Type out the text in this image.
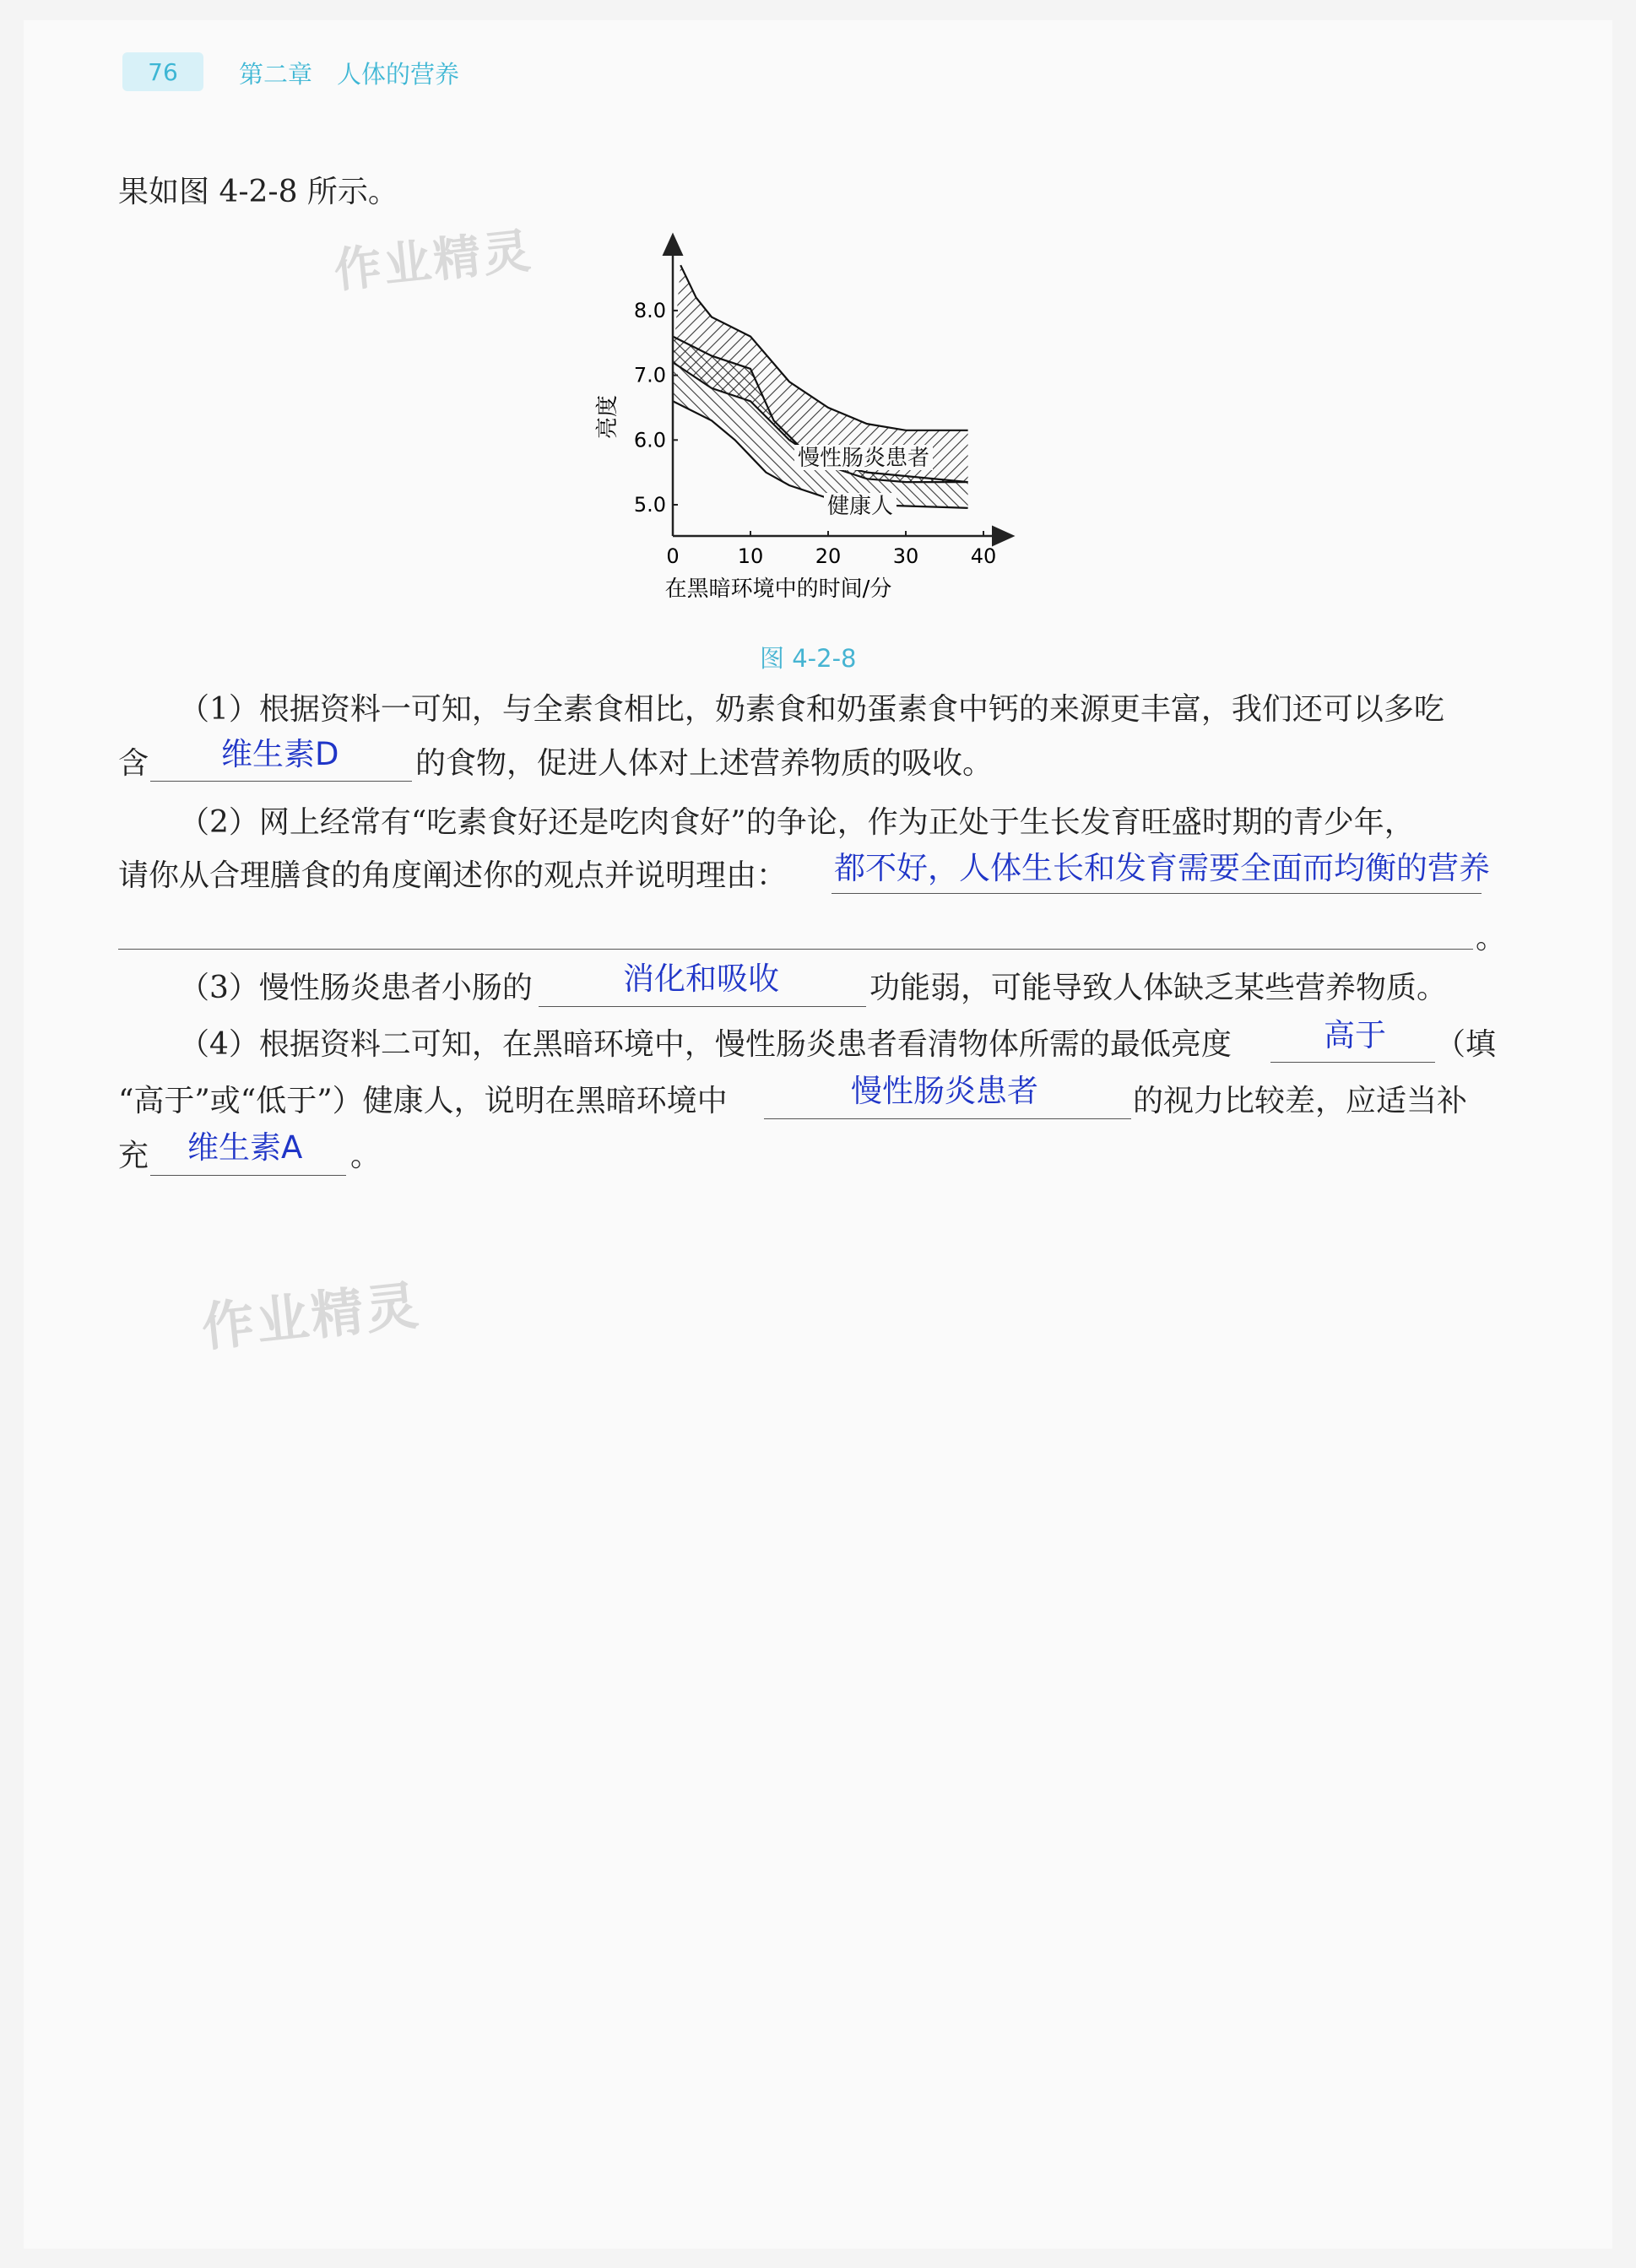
76	第二章　人体的营养
果如图 4-2-8 所示。
作业精灵
作业精灵
慢性肠炎患者
健康人
0	10	20	30	40
5.0
6.0
7.0
8.0
亮度
在黑暗环境中的时间/分
图 4-2-8
（1）根据资料一可知，与全素食相比，奶素食和奶蛋素食中钙的来源更丰富，我们还可以多吃
含 维生素D	的食物，促进人体对上述营养物质的吸收。
（2）网上经常有“吃素食好还是吃肉食好”的争论，作为正处于生长发育旺盛时期的青少年，
请你从合理膳食的角度阐述你的观点并说明理由： 都不好，人体生长和发育需要全面而均衡的营养
。
（3）慢性肠炎患者小肠的	消化和吸收	功能弱，可能导致人体缺乏某些营养物质。
（4）根据资料二可知，在黑暗环境中，慢性肠炎患者看清物体所需的最低亮度	高于 （填
“高于”或“低于”）健康人，说明在黑暗环境中	慢性肠炎患者	的视力比较差，应适当补
充 维生素A 。
